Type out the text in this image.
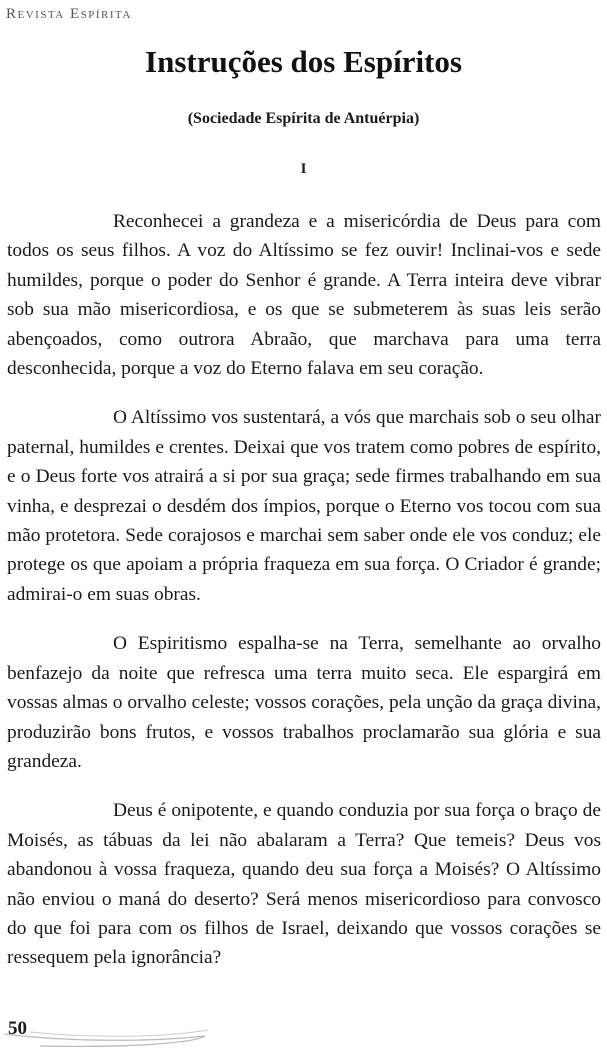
Revista Espírita
Instruções dos Espíritos
(Sociedade Espírita de Antuérpia)
I

Reconhecei a grandeza e a misericórdia de Deus para com todos os seus filhos. A voz do Altíssimo se fez ouvir! Inclinai-vos e sede humildes, porque o poder do Senhor é grande. A Terra inteira deve vibrar sob sua mão misericordiosa, e os que se submeterem às suas leis serão abençoados, como outrora Abraão, que marchava para uma terra desconhecida, porque a voz do Eterno falava em seu coração.

O Altíssimo vos sustentará, a vós que marchais sob o seu olhar paternal, humildes e crentes. Deixai que vos tratem como pobres de espírito, e o Deus forte vos atrairá a si por sua graça; sede firmes trabalhando em sua vinha, e desprezai o desdém dos ímpios, porque o Eterno vos tocou com sua mão protetora. Sede corajosos e marchai sem saber onde ele vos conduz; ele protege os que apoiam a própria fraqueza em sua força. O Criador é grande; admirai-o em suas obras.

O Espiritismo espalha-se na Terra, semelhante ao orvalho benfazejo da noite que refresca uma terra muito seca. Ele espargirá em vossas almas o orvalho celeste; vossos corações, pela unção da graça divina, produzirão bons frutos, e vossos trabalhos proclamarão sua glória e sua grandeza.

Deus é onipotente, e quando conduzia por sua força o braço de Moisés, as tábuas da lei não abalaram a Terra? Que temeis? Deus vos abandonou à vossa fraqueza, quando deu sua força a Moisés? O Altíssimo não enviou o maná do deserto? Será menos misericordioso para convosco do que foi para com os filhos de Israel, deixando que vossos corações se ressequem pela ignorância?

50
